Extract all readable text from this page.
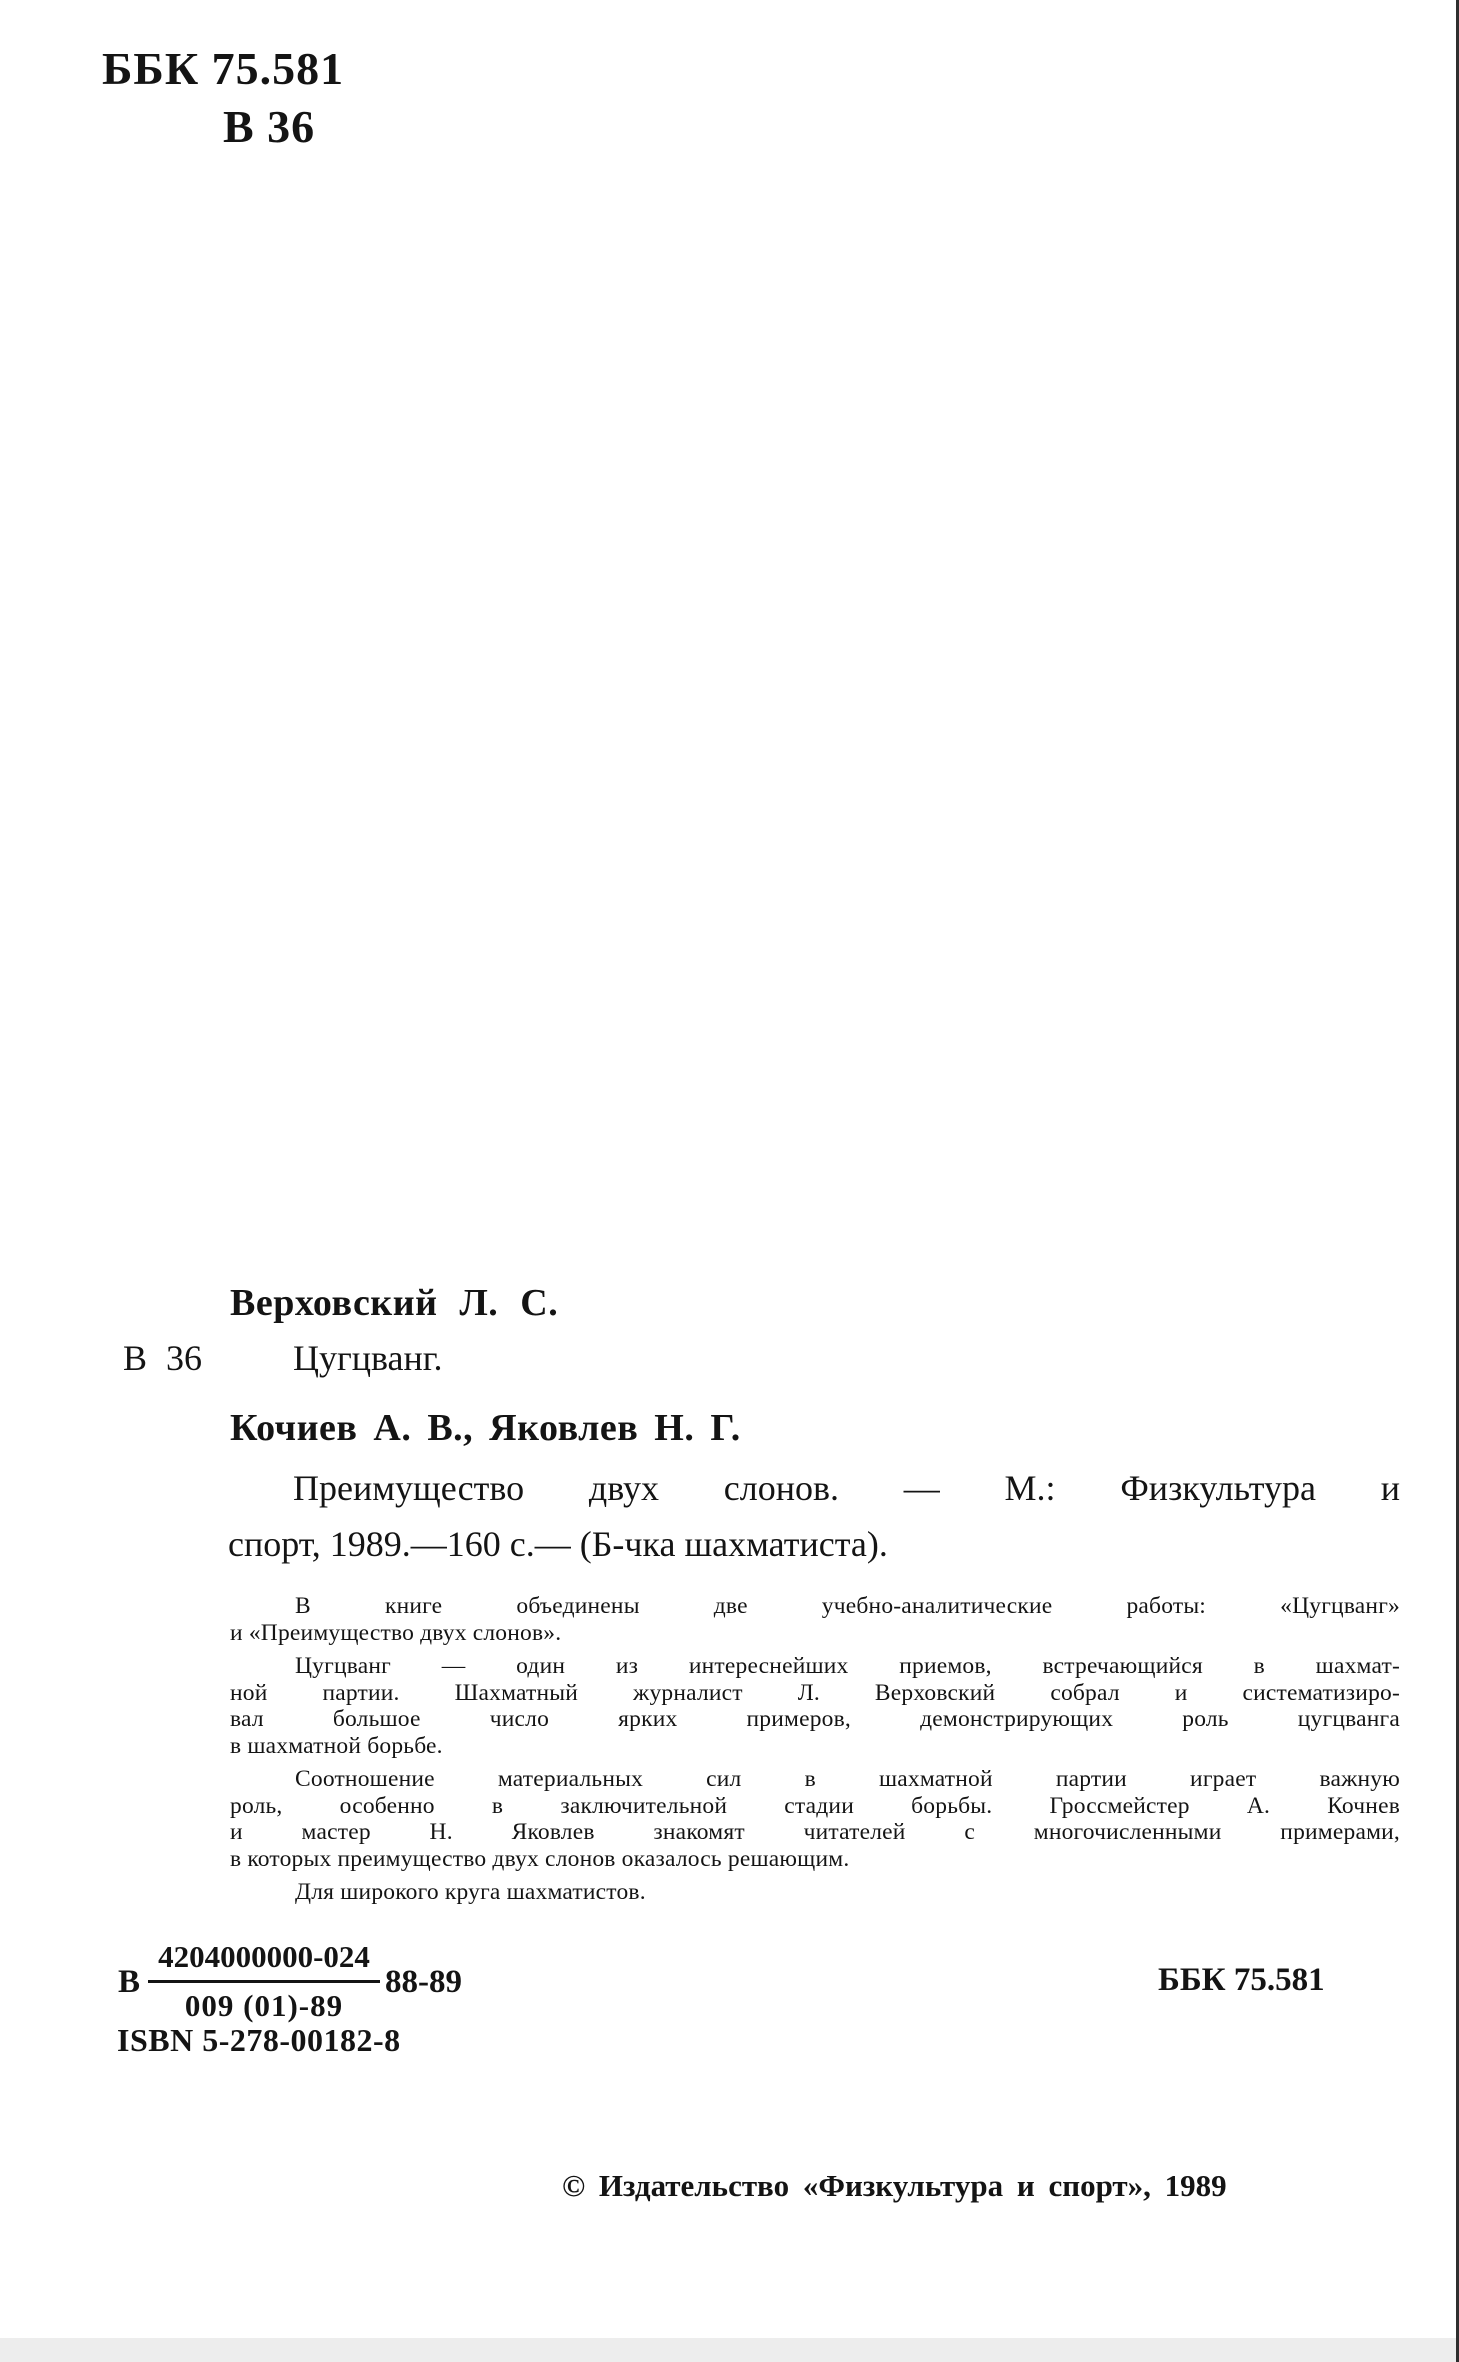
ББК 75.581
В 36
Верховский Л. С.
В 36	Цугцванг.
Кочиев А. В., Яковлев Н. Г.
Преимущество двух слонов. — М.: Физкультура и
спорт, 1989.—160 с.— (Б-чка шахматиста).
В книге объединены две учебно-аналитические работы: «Цугцванг»
и «Преимущество двух слонов».
Цугцванг — один из интереснейших приемов, встречающийся в шахмат-
ной партии. Шахматный журналист Л. Верховский собрал и систематизиро-
вал большое число ярких примеров, демонстрирующих роль цугцванга
в шахматной борьбе.
Соотношение материальных сил в шахматной партии играет важную
роль, особенно в заключительной стадии борьбы. Гроссмейстер А. Кочнев
и мастер Н. Яковлев знакомят читателей с многочисленными примерами,
в которых преимущество двух слонов оказалось решающим.
Для широкого круга шахматистов.
В $\frac{4204000000-024}{009 (01)-89} 88-89$	ББК 75.581
ISBN 5-278-00182-8
© Издательство «Физкультура и спорт», 1989
